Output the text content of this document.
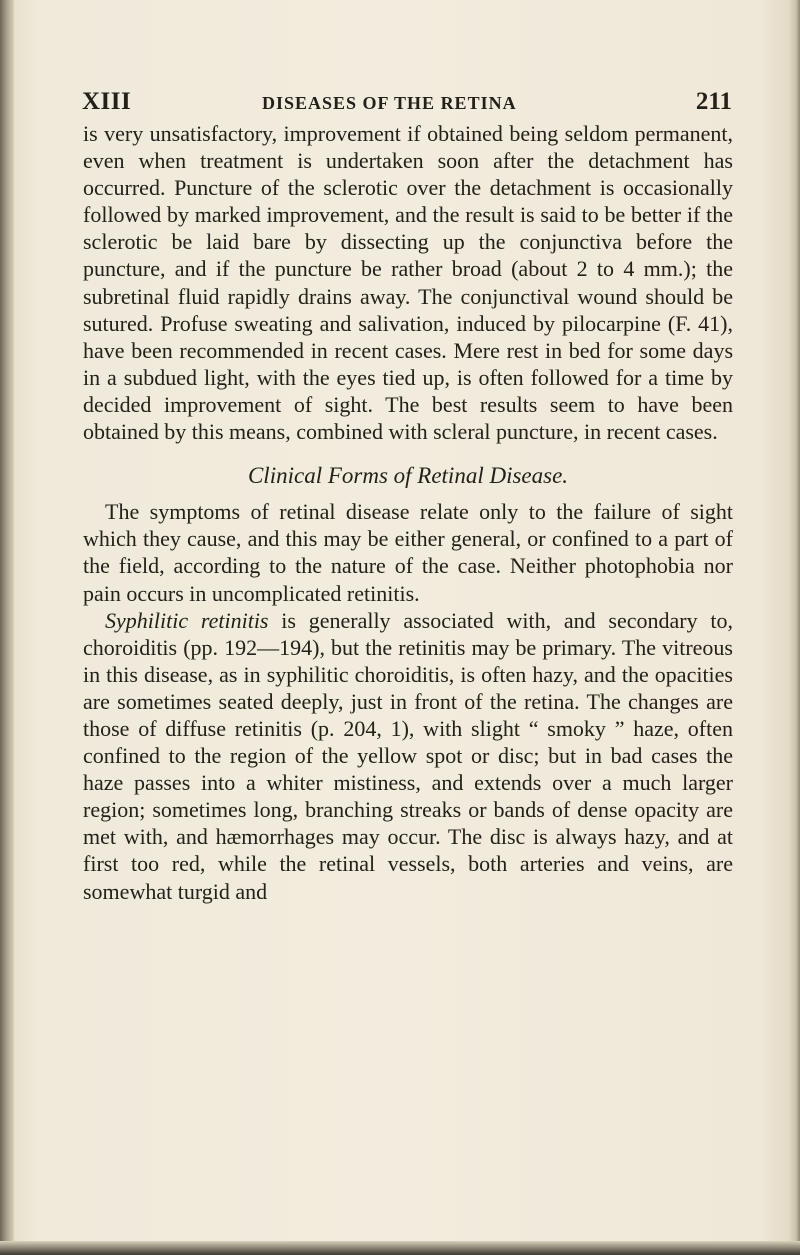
XIII	DISEASES OF THE RETINA	211

is very unsatisfactory, improvement if obtained being seldom permanent, even when treatment is undertaken soon after the detachment has occurred. Puncture of the sclerotic over the detachment is occasionally followed by marked improvement, and the result is said to be better if the sclerotic be laid bare by dissecting up the conjunctiva before the puncture, and if the puncture be rather broad (about 2 to 4 mm.); the subretinal fluid rapidly drains away. The conjunctival wound should be sutured. Profuse sweating and salivation, induced by pilocarpine (F. 41), have been recommended in recent cases. Mere rest in bed for some days in a subdued light, with the eyes tied up, is often followed for a time by decided improvement of sight. The best results seem to have been obtained by this means, combined with scleral puncture, in recent cases.

Clinical Forms of Retinal Disease.

The symptoms of retinal disease relate only to the failure of sight which they cause, and this may be either general, or confined to a part of the field, according to the nature of the case. Neither photophobia nor pain occurs in uncomplicated retinitis.

Syphilitic retinitis is generally associated with, and secondary to, choroiditis (pp. 192—194), but the retinitis may be primary. The vitreous in this disease, as in syphilitic choroiditis, is often hazy, and the opacities are sometimes seated deeply, just in front of the retina. The changes are those of diffuse retinitis (p. 204, 1), with slight “ smoky ” haze, often confined to the region of the yellow spot or disc; but in bad cases the haze passes into a whiter mistiness, and extends over a much larger region; sometimes long, branching streaks or bands of dense opacity are met with, and hæmorrhages may occur. The disc is always hazy, and at first too red, while the retinal vessels, both arteries and veins, are somewhat turgid and
